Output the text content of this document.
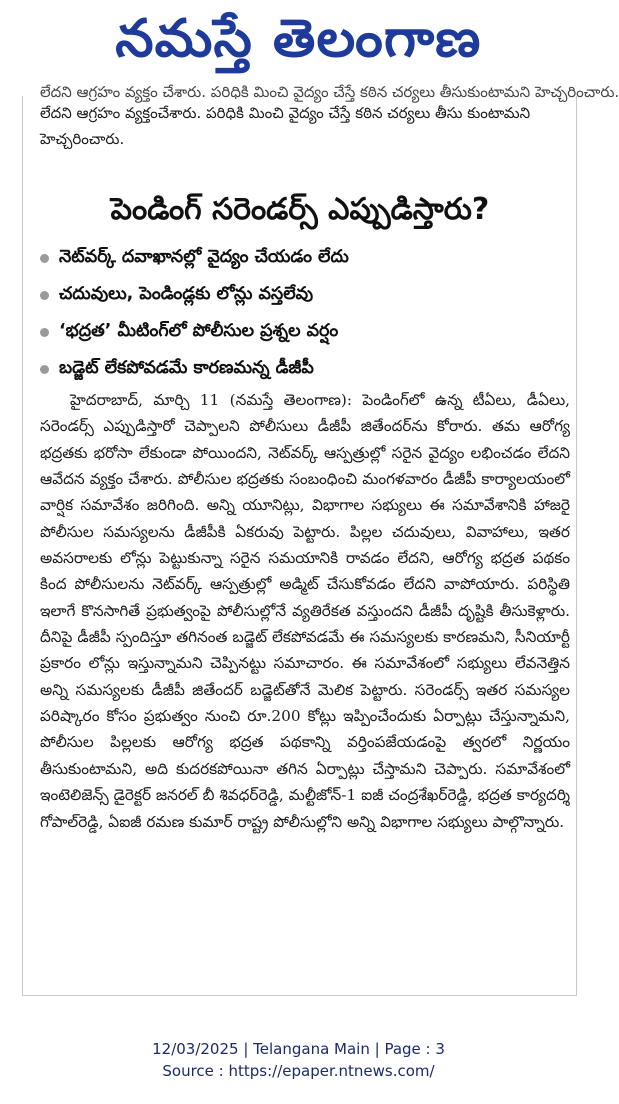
నమస్తే తెలంగాణ
లేదని ఆగ్రహం వ్యక్తం చేశారు. పరిధికి మించి వైద్యం చేస్తే కఠిన చర్యలు తీసుకుంటామని హెచ్చరించారు.
లేదని ఆగ్రహం వ్యక్తంచేశారు. పరిధికి మించి వైద్యం చేస్తే కఠిన చర్యలు తీసు కుంటామని హెచ్చరించారు.
పెండింగ్ సరెండర్స్ ఎప్పుడిస్తారు?
నెట్‌వర్క్ దవాఖానల్లో వైద్యం చేయడం లేదు
చదువులు, పెండిండ్లకు లోన్లు వస్తలేవు
‘భద్రత’ మీటింగ్‌లో పోలీసుల ప్రశ్నల వర్షం
బడ్జెట్ లేకపోవడమే కారణమన్న డీజీపీ
హైదరాబాద్, మార్చి 11 (నమస్తే తెలంగాణ): పెండింగ్‌లో ఉన్న టీఏలు, డీఏలు, సరెండర్స్ ఎప్పుడిస్తారో చెప్పాలని పోలీసులు డీజీపీ జితేందర్‌ను కోరారు. తమ ఆరోగ్య భద్రతకు భరోసా లేకుండా పోయిందని, నెట్‌వర్క్ ఆస్పత్రుల్లో సరైన వైద్యం లభించడం లేదని ఆవేదన వ్యక్తం చేశారు. పోలీసుల భద్రతకు సంబంధించి మంగళవారం డీజీపీ కార్యాలయంలో వార్షిక సమావేశం జరిగింది. అన్ని యూనిట్లు, విభాగాల సభ్యులు ఈ సమావేశానికి హాజరై పోలీసుల సమస్యలను డీజీపీకి ఏకరువు పెట్టారు. పిల్లల చదువులు, వివాహాలు, ఇతర అవసరాలకు లోన్లు పెట్టుకున్నా సరైన సమయానికి రావడం లేదని, ఆరోగ్య భద్రత పథకం కింద పోలీసులను నెట్‌వర్క్ ఆస్పత్రుల్లో అడ్మిట్ చేసుకోవడం లేదని వాపోయారు. పరిస్థితి ఇలాగే కొనసాగితే ప్రభుత్వంపై పోలీసుల్లోనే వ్యతిరేకత వస్తుందని డీజీపీ దృష్టికి తీసుకెళ్లారు. దీనిపై డీజీపీ స్పందిస్తూ తగినంత బడ్జెట్ లేకపోవడమే ఈ సమస్యలకు కారణమని, సీనియార్టీ ప్రకారం లోన్లు ఇస్తున్నామని చెప్పినట్టు సమాచారం. ఈ సమావేశంలో సభ్యులు లేవనెత్తిన అన్ని సమస్యలకు డీజీపీ జితేందర్ బడ్జెట్‌తోనే మెలిక పెట్టారు. సరెండర్స్ ఇతర సమస్యల పరిష్కారం కోసం ప్రభుత్వం నుంచి రూ.200 కోట్లు ఇప్పించేందుకు ఏర్పాట్లు చేస్తున్నామని, పోలీసుల పిల్లలకు ఆరోగ్య భద్రత పథకాన్ని వర్తింపజేయడంపై త్వరలో నిర్ణయం తీసుకుంటామని, అది కుదరకపోయినా తగిన ఏర్పాట్లు చేస్తామని చెప్పారు. సమావేశంలో ఇంటెలిజెన్స్ డైరెక్టర్ జనరల్ బీ శివధర్‌రెడ్డి, మల్టీజోన్-1 ఐజీ చంద్రశేఖర్‌రెడ్డి, భద్రత కార్యదర్శి గోపాల్‌రెడ్డి, ఏఐజీ రమణ కుమార్ రాష్ట్ర పోలీసుల్లోని అన్ని విభాగాల సభ్యులు పాల్గొన్నారు.
12/03/2025 | Telangana Main | Page : 3
Source : https://epaper.ntnews.com/
